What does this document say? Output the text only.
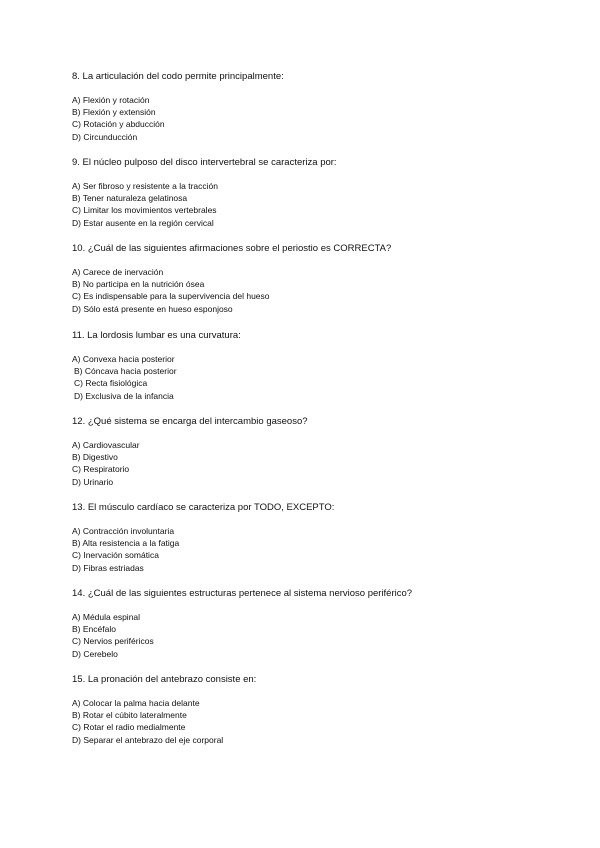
8. La articulación del codo permite principalmente:

A) Flexión y rotación
B) Flexión y extensión
C) Rotación y abducción
D) Circunducción

9. El núcleo pulposo del disco intervertebral se caracteriza por:

A) Ser fibroso y resistente a la tracción
B) Tener naturaleza gelatinosa
C) Limitar los movimientos vertebrales
D) Estar ausente en la región cervical

10. ¿Cuál de las siguientes afirmaciones sobre el periostio es CORRECTA?

A) Carece de inervación
B) No participa en la nutrición ósea
C) Es indispensable para la supervivencia del hueso
D) Sólo está presente en hueso esponjoso

11. La lordosis lumbar es una curvatura:

A) Convexa hacia posterior
B) Cóncava hacia posterior
C) Recta fisiológica
D) Exclusiva de la infancia

12. ¿Qué sistema se encarga del intercambio gaseoso?

A) Cardiovascular
B) Digestivo
C) Respiratorio
D) Urinario

13. El músculo cardíaco se caracteriza por TODO, EXCEPTO:

A) Contracción involuntaria
B) Alta resistencia a la fatiga
C) Inervación somática
D) Fibras estriadas

14. ¿Cuál de las siguientes estructuras pertenece al sistema nervioso periférico?

A) Médula espinal
B) Encéfalo
C) Nervios periféricos
D) Cerebelo

15. La pronación del antebrazo consiste en:

A) Colocar la palma hacia delante
B) Rotar el cúbito lateralmente
C) Rotar el radio medialmente
D) Separar el antebrazo del eje corporal
